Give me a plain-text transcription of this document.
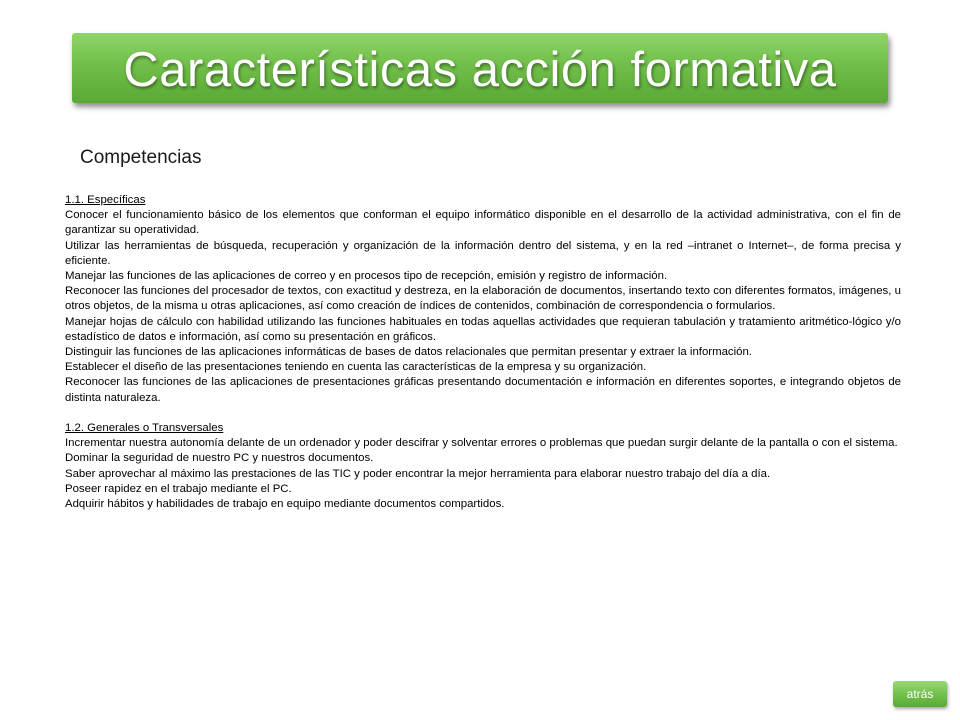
Características acción formativa
Competencias
1.1. Específicas

Conocer el funcionamiento básico de los elementos que conforman el equipo informático disponible en el desarrollo de la actividad administrativa, con el fin de garantizar su operatividad.

Utilizar las herramientas de búsqueda, recuperación y organización de la información dentro del sistema, y en la red –intranet o Internet–, de forma precisa y eficiente.

Manejar las funciones de las aplicaciones de correo y en procesos tipo de recepción, emisión y registro de información.

Reconocer las funciones del procesador de textos, con exactitud y destreza, en la elaboración de documentos, insertando texto con diferentes formatos, imágenes, u otros objetos, de la misma u otras aplicaciones, así como creación de índices de contenidos, combinación de correspondencia o formularios.

Manejar hojas de cálculo con habilidad utilizando las funciones habituales en todas aquellas actividades que requieran tabulación y tratamiento aritmético-lógico y/o estadístico de datos e información, así como su presentación en gráficos.

Distinguir las funciones de las aplicaciones informáticas de bases de datos relacionales que permitan presentar y extraer la información.

Establecer el diseño de las presentaciones teniendo en cuenta las características de la empresa y su organización.

Reconocer las funciones de las aplicaciones de presentaciones gráficas presentando documentación e información en diferentes soportes, e integrando objetos de distinta naturaleza.

1.2. Generales o Transversales

Incrementar nuestra autonomía delante de un ordenador y poder descifrar y solventar errores o problemas que puedan surgir delante de la pantalla o con el sistema.

Dominar la seguridad de nuestro PC y nuestros documentos.

Saber aprovechar al máximo las prestaciones de las TIC y poder encontrar la mejor herramienta para elaborar nuestro trabajo del día a día.

Poseer rapidez en el trabajo mediante el PC.

Adquirir hábitos y habilidades de trabajo en equipo mediante documentos compartidos.

atrás
